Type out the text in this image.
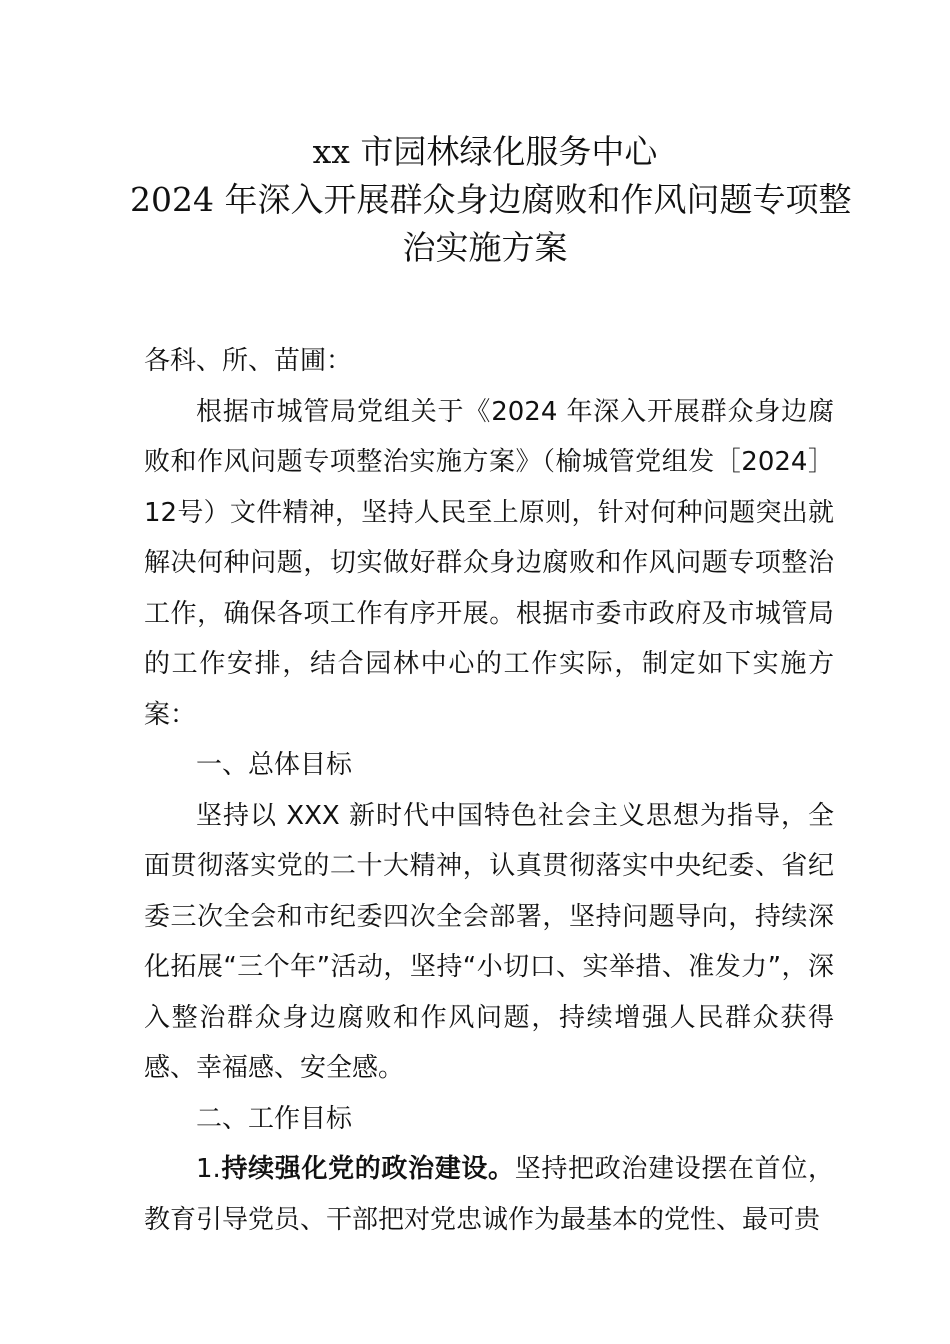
xx 市园林绿化服务中心
2024 年深入开展群众身边腐败和作风问题专项整
治实施方案

各科、所、苗圃：

根据市城管局党组关于《2024 年深入开展群众身边腐败和作风问题专项整治实施方案》（榆城管党组发［2024］12号）文件精神，坚持人民至上原则，针对何种问题突出就解决何种问题，切实做好群众身边腐败和作风问题专项整治工作，确保各项工作有序开展。根据市委市政府及市城管局的工作安排，结合园林中心的工作实际，制定如下实施方案：

一、总体目标

坚持以 XXX 新时代中国特色社会主义思想为指导，全面贯彻落实党的二十大精神，认真贯彻落实中央纪委、省纪委三次全会和市纪委四次全会部署，坚持问题导向，持续深化拓展“三个年”活动，坚持“小切口、实举措、准发力”，深入整治群众身边腐败和作风问题，持续增强人民群众获得感、幸福感、安全感。

二、工作目标

1.持续强化党的政治建设。坚持把政治建设摆在首位，教育引导党员、干部把对党忠诚作为最基本的党性、最可贵
